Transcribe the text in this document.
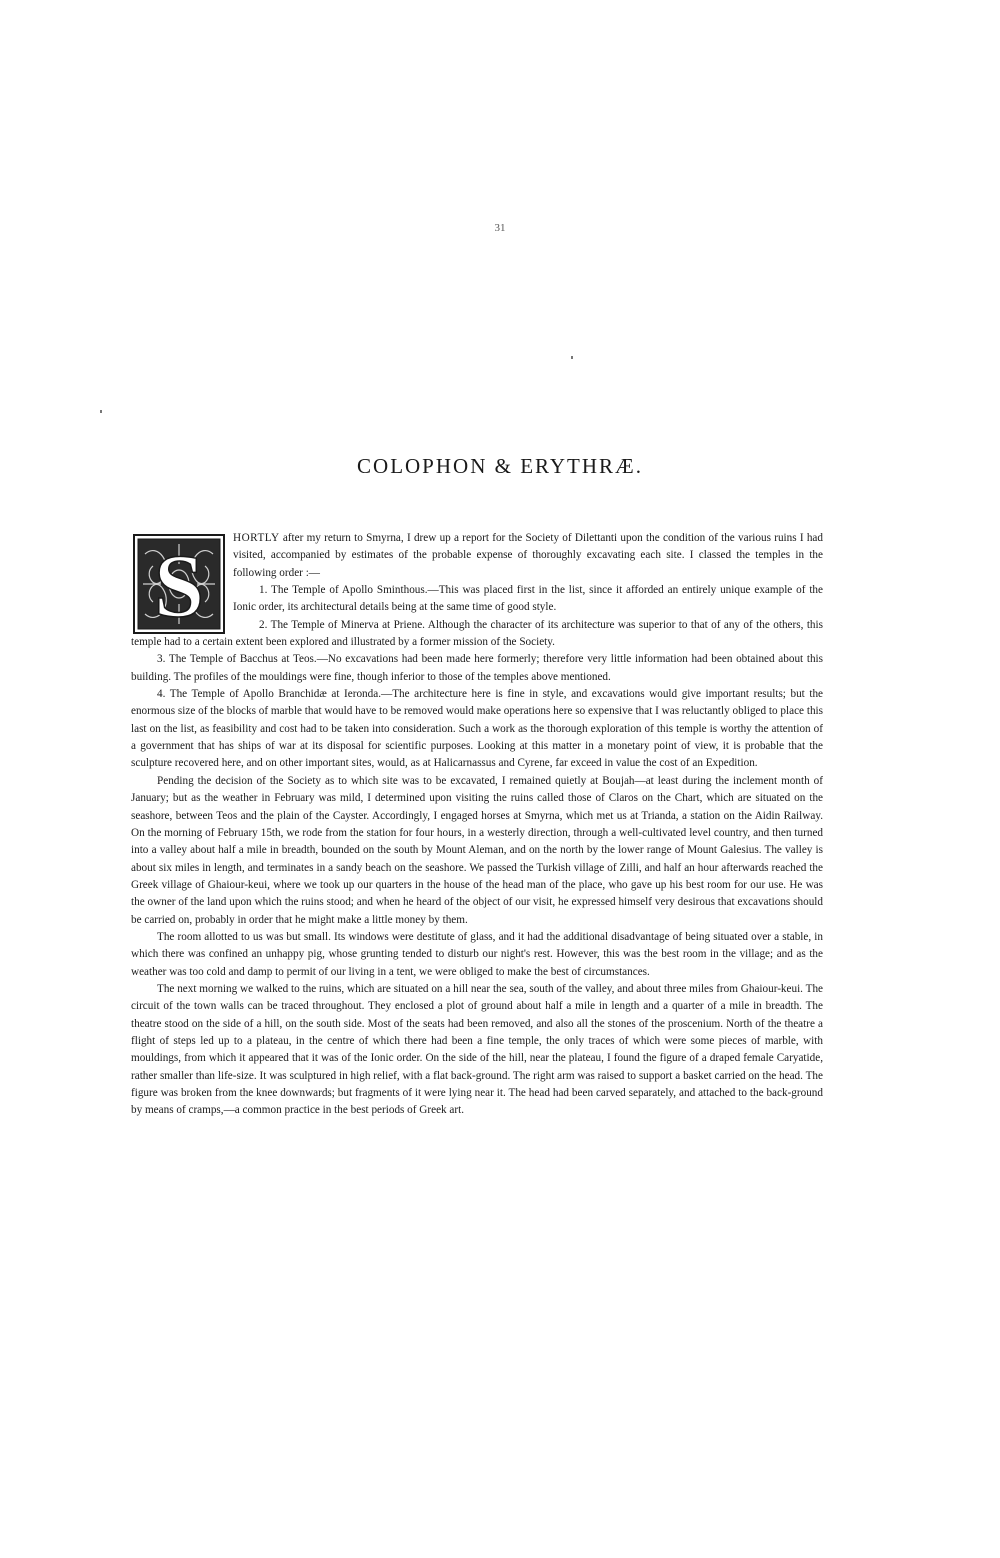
31
COLOPHON & ERYTHRÆ.
S	HORTLY after my return to Smyrna, I drew up a report for the Society of Dilettanti upon the condition of the various ruins I had visited, accompanied by estimates of the probable expense of thoroughly excavating each site. I classed the temples in the following order :—

1. The Temple of Apollo Sminthous.—This was placed first in the list, since it afforded an entirely unique example of the Ionic order, its architectural details being at the same time of good style.

2. The Temple of Minerva at Priene. Although the character of its architecture was superior to that of any of the others, this temple had to a certain extent been explored and illustrated by a former mission of the Society.

3. The Temple of Bacchus at Teos.—No excavations had been made here formerly; therefore very little information had been obtained about this building. The profiles of the mouldings were fine, though inferior to those of the temples above mentioned.

4. The Temple of Apollo Branchidæ at Ieronda.—The architecture here is fine in style, and excavations would give important results; but the enormous size of the blocks of marble that would have to be removed would make operations here so expensive that I was reluctantly obliged to place this last on the list, as feasibility and cost had to be taken into consideration. Such a work as the thorough exploration of this temple is worthy the attention of a government that has ships of war at its disposal for scientific purposes. Looking at this matter in a monetary point of view, it is probable that the sculpture recovered here, and on other important sites, would, as at Halicarnassus and Cyrene, far exceed in value the cost of an Expedition.

Pending the decision of the Society as to which site was to be excavated, I remained quietly at Boujah—at least during the inclement month of January; but as the weather in February was mild, I determined upon visiting the ruins called those of Claros on the Chart, which are situated on the seashore, between Teos and the plain of the Cayster. Accordingly, I engaged horses at Smyrna, which met us at Trianda, a station on the Aidin Railway. On the morning of February 15th, we rode from the station for four hours, in a westerly direction, through a well-cultivated level country, and then turned into a valley about half a mile in breadth, bounded on the south by Mount Aleman, and on the north by the lower range of Mount Galesius. The valley is about six miles in length, and terminates in a sandy beach on the seashore. We passed the Turkish village of Zilli, and half an hour afterwards reached the Greek village of Ghaiour-keui, where we took up our quarters in the house of the head man of the place, who gave up his best room for our use. He was the owner of the land upon which the ruins stood; and when he heard of the object of our visit, he expressed himself very desirous that excavations should be carried on, probably in order that he might make a little money by them.

The room allotted to us was but small. Its windows were destitute of glass, and it had the additional disadvantage of being situated over a stable, in which there was confined an unhappy pig, whose grunting tended to disturb our night's rest. However, this was the best room in the village; and as the weather was too cold and damp to permit of our living in a tent, we were obliged to make the best of circumstances.

The next morning we walked to the ruins, which are situated on a hill near the sea, south of the valley, and about three miles from Ghaiour-keui. The circuit of the town walls can be traced throughout. They enclosed a plot of ground about half a mile in length and a quarter of a mile in breadth. The theatre stood on the side of a hill, on the south side. Most of the seats had been removed, and also all the stones of the proscenium. North of the theatre a flight of steps led up to a plateau, in the centre of which there had been a fine temple, the only traces of which were some pieces of marble, with mouldings, from which it appeared that it was of the Ionic order. On the side of the hill, near the plateau, I found the figure of a draped female Caryatide, rather smaller than life-size. It was sculptured in high relief, with a flat back-ground. The right arm was raised to support a basket carried on the head. The figure was broken from the knee downwards; but fragments of it were lying near it. The head had been carved separately, and attached to the back-ground by means of cramps,—a common practice in the best periods of Greek art.
